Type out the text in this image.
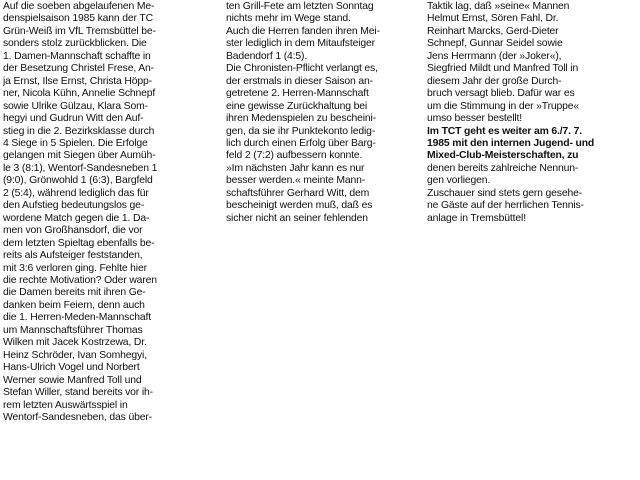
Auf die soeben abgelaufenen Me-
denspielsaison 1985 kann der TC
Grün-Weiß im VfL Tremsbüttel be-
sonders stolz zurückblicken. Die
1. Damen-Mannschaft schaffte in
der Besetzung Christel Frese, An-
ja Ernst, Ilse Ernst, Christa Höpp-
ner, Nicola Kühn, Annelie Schnepf
sowie Ulrike Gülzau, Klara Som-
hegyi und Gudrun Witt den Auf-
stieg in die 2. Bezirksklasse durch
4 Siege in 5 Spielen. Die Erfolge
gelangen mit Siegen über Aumüh-
le 3 (8:1), Wentorf-Sandesneben 1
(9:0), Grönwohld 1 (6:3), Bargfeld
2 (5:4), während lediglich das für
den Aufstieg bedeutungslos ge-
wordene Match gegen die 1. Da-
men von Großhansdorf, die vor
dem letzten Spieltag ebenfalls be-
reits als Aufsteiger feststanden,
mit 3:6 verloren ging. Fehlte hier
die rechte Motivation? Oder waren
die Damen bereits mit ihren Ge-
danken beim Feiern, denn auch
die 1. Herren-Meden-Mannschaft
um Mannschaftsführer Thomas
Wilken mit Jacek Kostrzewa, Dr.
Heinz Schröder, Ivan Somhegyi,
Hans-Ulrich Vogel und Norbert
Werner sowie Manfred Toll und
Stefan Willer, stand bereits vor ih-
rem letzten Auswärtsspiel in
Wentorf-Sandesneben, das über-
ten Grill-Fete am letzten Sonntag
nichts mehr im Wege stand.
Auch die Herren fanden ihren Mei-
ster lediglich in dem Mitaufsteiger
Badendorf 1 (4:5).
Die Chronisten-Pflicht verlangt es,
der erstmals in dieser Saison an-
getretene 2. Herren-Mannschaft
eine gewisse Zurückhaltung bei
ihren Medenspielen zu bescheini-
gen, da sie ihr Punktekonto ledig-
lich durch einen Erfolg über Barg-
feld 2 (7:2) aufbessern konnte.
»Im nächsten Jahr kann es nur
besser werden.« meinte Mann-
schaftsführer Gerhard Witt, dem
bescheinigt werden muß, daß es
sicher nicht an seiner fehlenden
Taktik lag, daß »seine« Mannen
Helmut Ernst, Sören Fahl, Dr.
Reinhart Marcks, Gerd-Dieter
Schnepf, Gunnar Seidel sowie
Jens Herrmann (der »Joker«),
Siegfried Mildt und Manfred Toll in
diesem Jahr der große Durch-
bruch versagt blieb. Dafür war es
um die Stimmung in der »Truppe«
umso besser bestellt!
Im TCT geht es weiter am 6./7. 7.
1985 mit den internen Jugend- und
Mixed-Club-Meisterschaften, zu
denen bereits zahlreiche Nennun-
gen vorliegen.
Zuschauer sind stets gern gesehe-
ne Gäste auf der herrlichen Tennis-
anlage in Tremsbüttel!
